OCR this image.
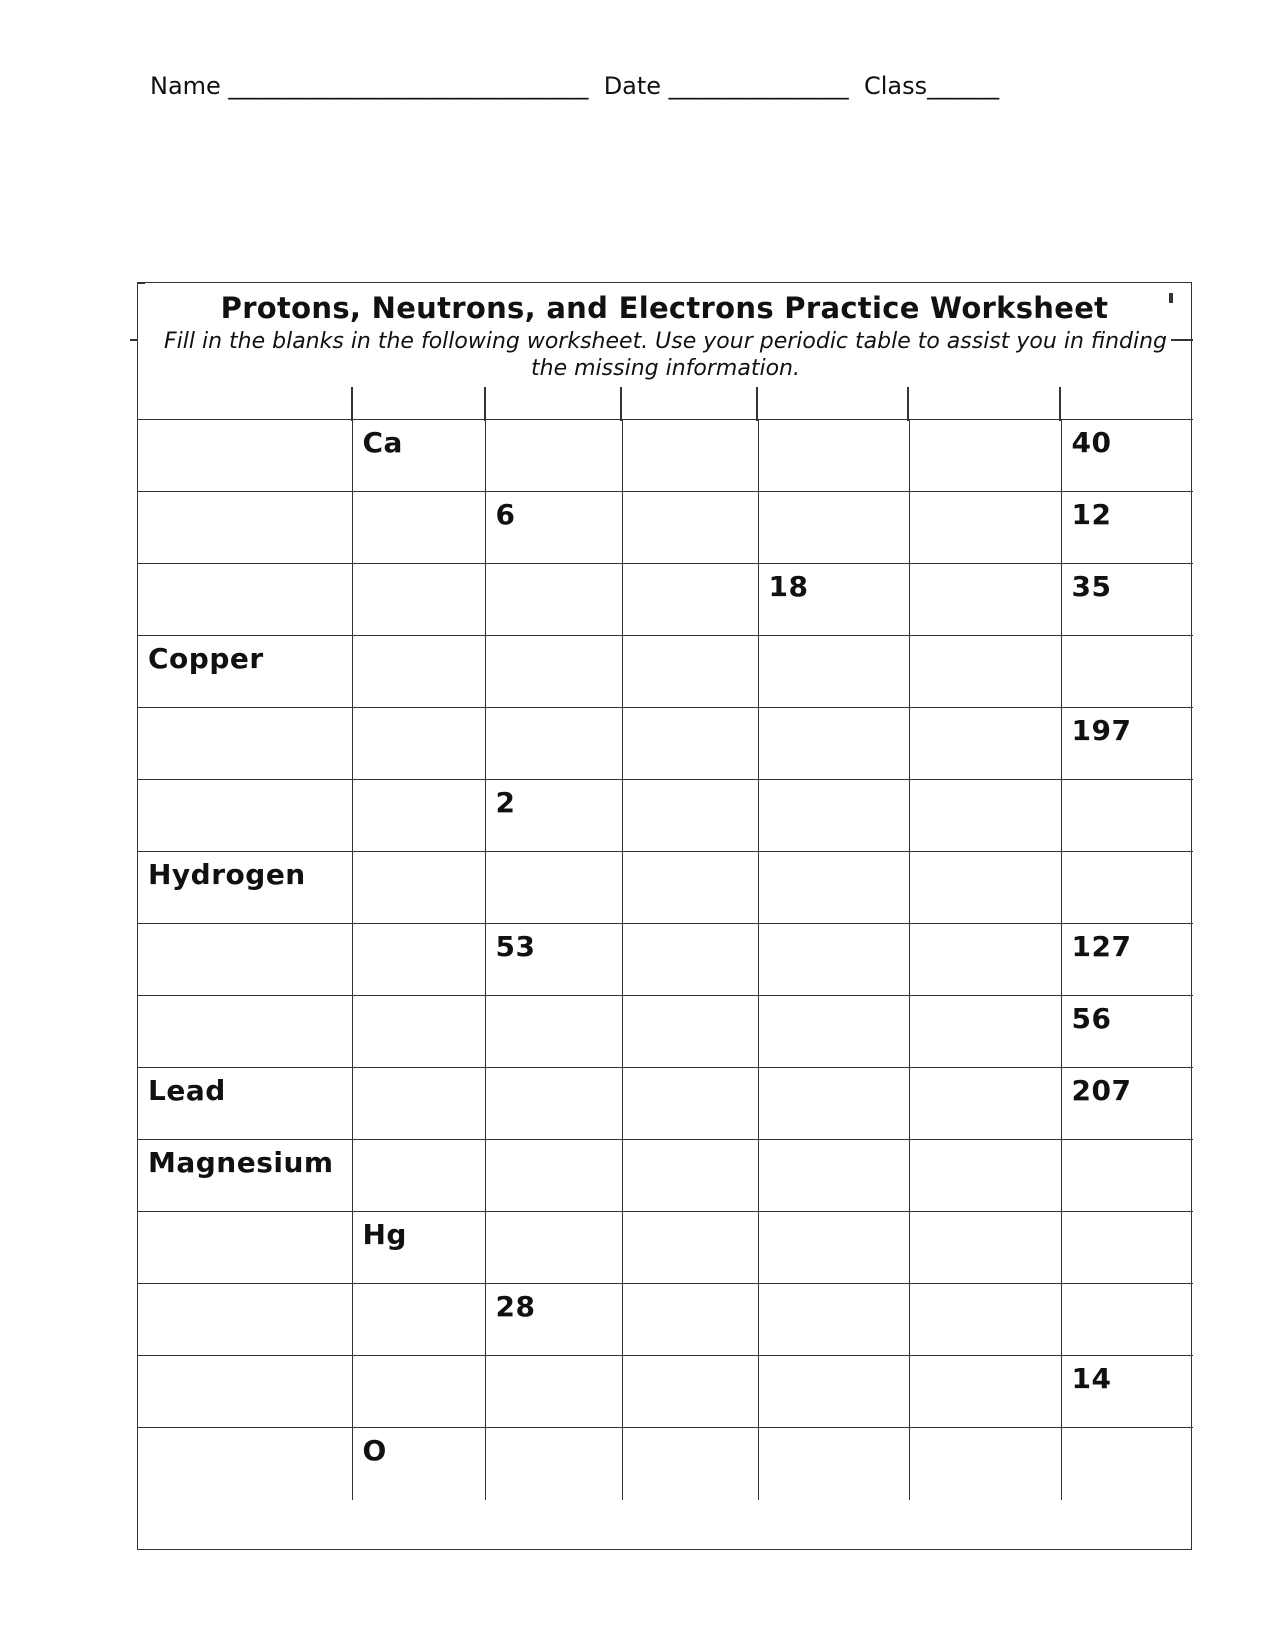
Name ______________________________  Date _______________  Class______
Protons, Neutrons, and Electrons Practice Worksheet
Fill in the blanks in the following worksheet. Use your periodic table to assist you in finding the missing information.
	Ca					40
		6				12
				18		35
Copper						
						197
		2				
Hydrogen						
		53				127
						56
Lead						207
Magnesium						
	Hg					
		28				
						14
	O					
